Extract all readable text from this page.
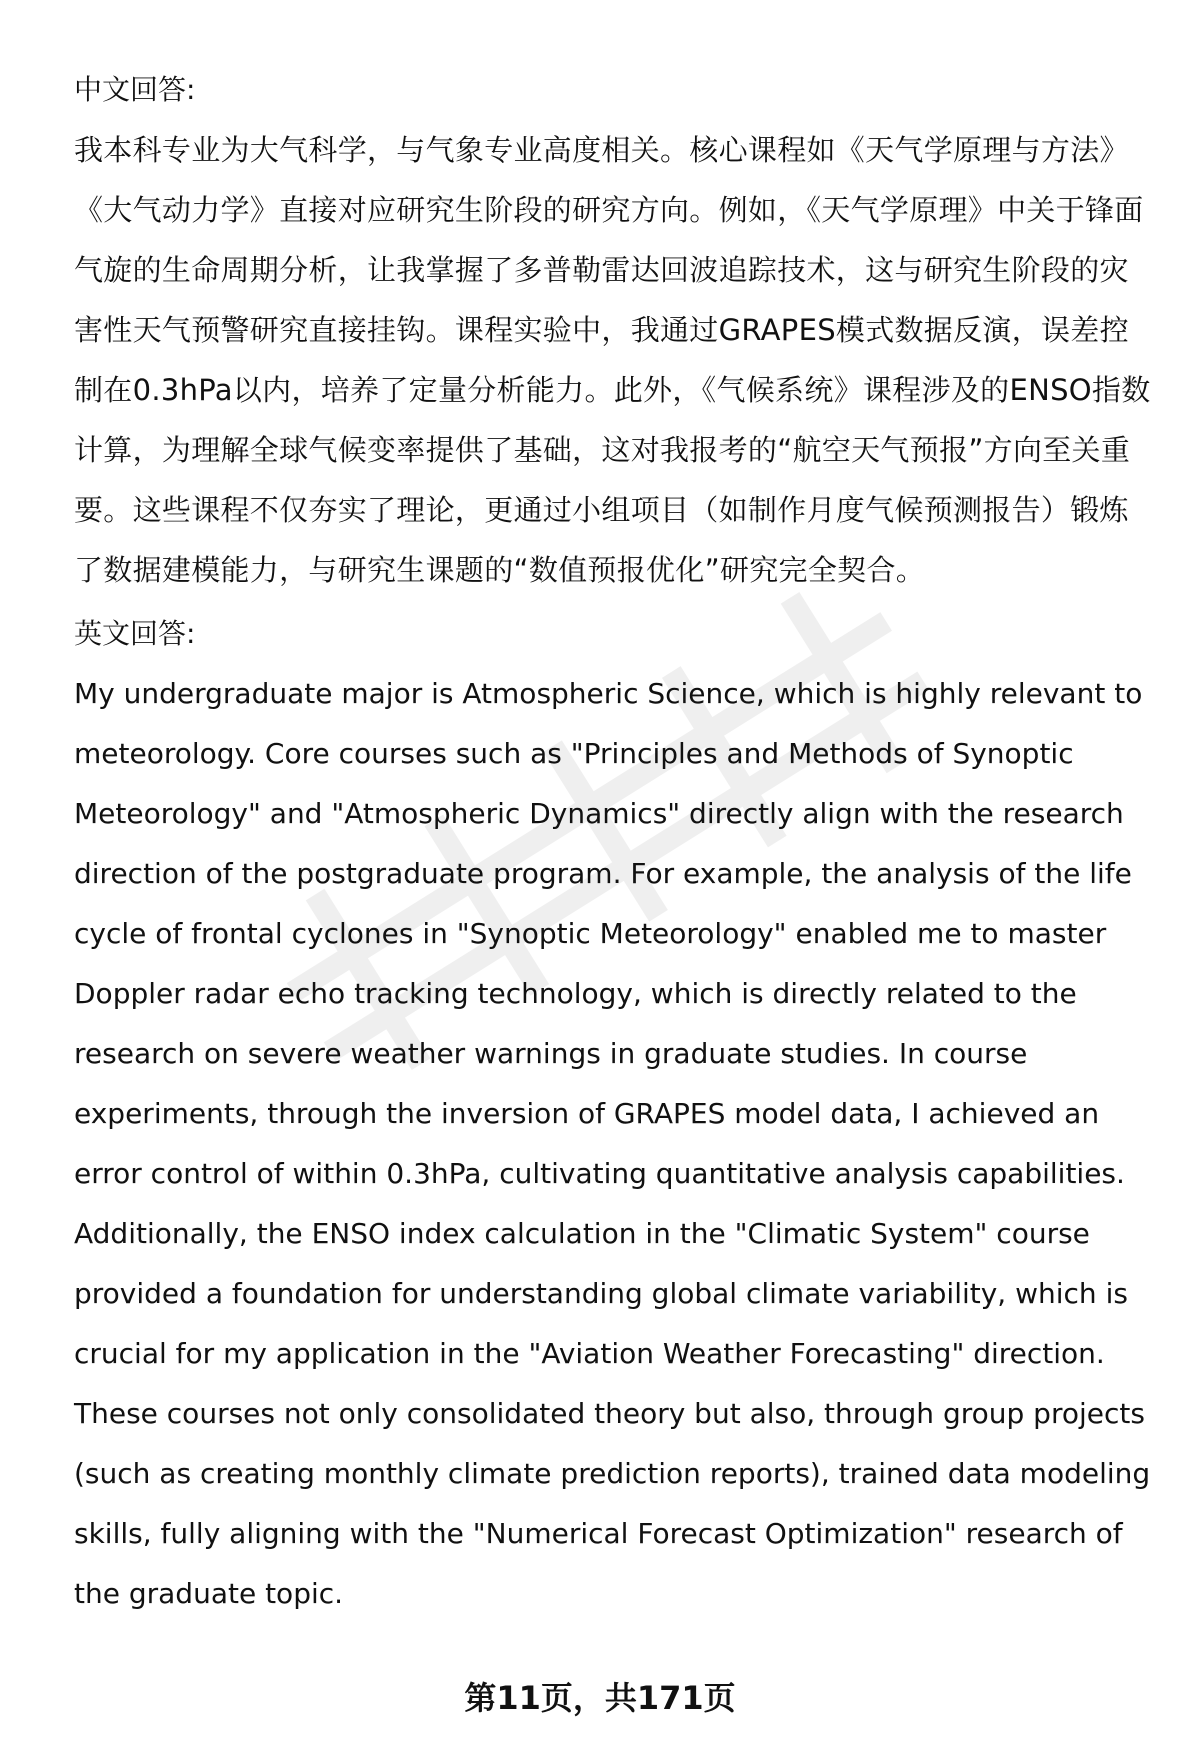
中文回答:

我本科专业为大气科学，与气象专业高度相关。核心课程如《天气学原理与方法》《大气动力学》直接对应研究生阶段的研究方向。例如，《天气学原理》中关于锋面气旋的生命周期分析，让我掌握了多普勒雷达回波追踪技术，这与研究生阶段的灾害性天气预警研究直接挂钩。课程实验中，我通过GRAPES模式数据反演，误差控制在0.3hPa以内，培养了定量分析能力。此外，《气候系统》课程涉及的ENSO指数计算，为理解全球气候变率提供了基础，这对我报考的“航空天气预报”方向至关重要。这些课程不仅夯实了理论，更通过小组项目（如制作月度气候预测报告）锻炼了数据建模能力，与研究生课题的“数值预报优化”研究完全契合。

英文回答:

My undergraduate major is Atmospheric Science, which is highly relevant to meteorology. Core courses such as "Principles and Methods of Synoptic Meteorology" and "Atmospheric Dynamics" directly align with the research direction of the postgraduate program. For example, the analysis of the life cycle of frontal cyclones in "Synoptic Meteorology" enabled me to master Doppler radar echo tracking technology, which is directly related to the research on severe weather warnings in graduate studies. In course experiments, through the inversion of GRAPES model data, I achieved an error control of within 0.3hPa, cultivating quantitative analysis capabilities. Additionally, the ENSO index calculation in the "Climatic System" course provided a foundation for understanding global climate variability, which is crucial for my application in the "Aviation Weather Forecasting" direction. These courses not only consolidated theory but also, through group projects (such as creating monthly climate prediction reports), trained data modeling skills, fully aligning with the "Numerical Forecast Optimization" research of the graduate topic.

第11页，共171页
